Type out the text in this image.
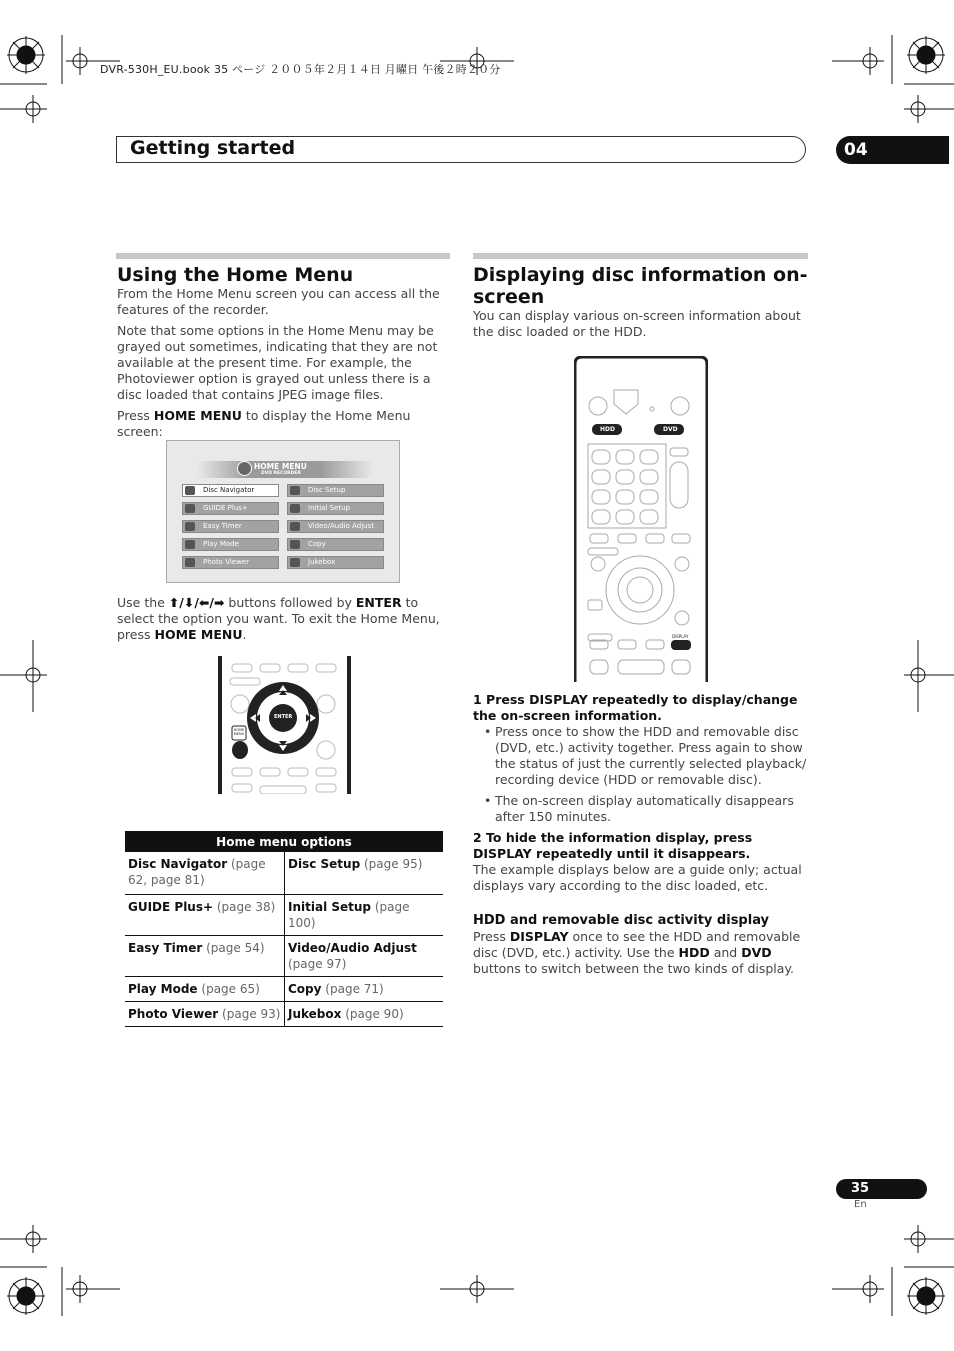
DVR-530H_EU.book 35 ページ ２００５年２月１４日 月曜日 午後２時２０分
Getting started	04
Using the Home Menu

From the Home Menu screen you can access all the features of the recorder.

Note that some options in the Home Menu may be grayed out sometimes, indicating that they are not available at the present time. For example, the Photoviewer option is grayed out unless there is a disc loaded that contains JPEG image files.

Press HOME MENU to display the Home Menu screen:

HOME MENU
DVD RECORDER
Disc Navigator
GUIDE Plus+
Easy Timer
Play Mode
Photo Viewer
Disc Setup
Initial Setup
Video/Audio Adjust
Copy
Jukebox

Use the ⬆/⬇/⬅/➡ buttons followed by ENTER to select the option you want. To exit the Home Menu, press HOME MENU.

ENTER
HOME MENU
Home menu options	
Disc Navigator (page 62, page 81)	Disc Setup (page 95)
GUIDE Plus+ (page 38)	Initial Setup (page 100)
Easy Timer (page 54)	Video/Audio Adjust (page 97)
Play Mode (page 65)	Copy (page 71)
Photo Viewer (page 93)	Jukebox (page 90)
Displaying disc information on-screen

You can display various on-screen information about the disc loaded or the HDD.

HDD	DVD
DISPLAY

1 Press DISPLAY repeatedly to display/change the on-screen information.

• Press once to show the HDD and removable disc (DVD, etc.) activity together. Press again to show the status of just the currently selected playback/ recording device (HDD or removable disc).
• The on-screen display automatically disappears after 150 minutes.

2 To hide the information display, press DISPLAY repeatedly until it disappears.

The example displays below are a guide only; actual displays vary according to the disc loaded, etc.

HDD and removable disc activity display

Press DISPLAY once to see the HDD and removable disc (DVD, etc.) activity. Use the HDD and DVD buttons to switch between the two kinds of display.

35
En
